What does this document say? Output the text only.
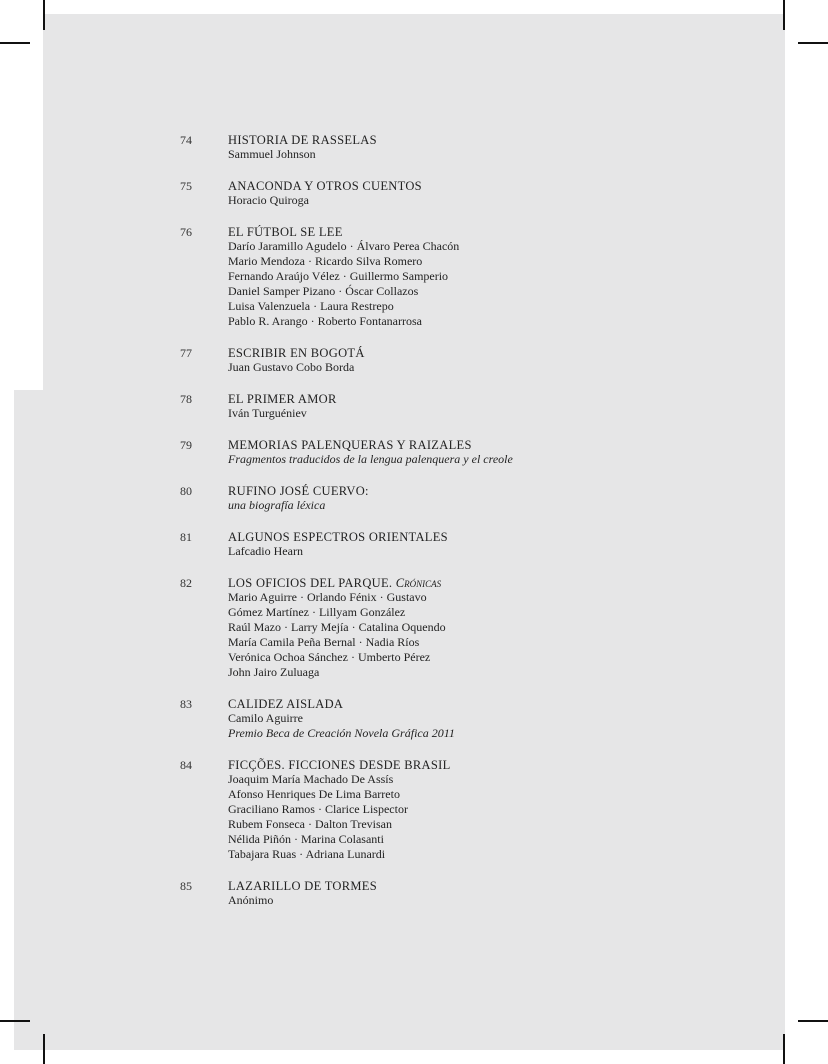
74	HISTORIA DE RASSELAS
Sammuel Johnson
75	ANACONDA Y OTROS CUENTOS
Horacio Quiroga
76	EL FÚTBOL SE LEE
Darío Jaramillo Agudelo · Álvaro Perea Chacón
Mario Mendoza · Ricardo Silva Romero
Fernando Araújo Vélez · Guillermo Samperio
Daniel Samper Pizano · Óscar Collazos
Luisa Valenzuela · Laura Restrepo
Pablo R. Arango · Roberto Fontanarrosa
77	ESCRIBIR EN BOGOTÁ
Juan Gustavo Cobo Borda
78	EL PRIMER AMOR
Iván Turguéniev
79	MEMORIAS PALENQUERAS Y RAIZALES
Fragmentos traducidos de la lengua palenquera y el creole
80	RUFINO JOSÉ CUERVO:
una biografía léxica
81	ALGUNOS ESPECTROS ORIENTALES
Lafcadio Hearn
82	LOS OFICIOS DEL PARQUE. Crónicas
Mario Aguirre · Orlando Fénix · Gustavo
Gómez Martínez · Lillyam González
Raúl Mazo · Larry Mejía · Catalina Oquendo
María Camila Peña Bernal · Nadia Ríos
Verónica Ochoa Sánchez · Umberto Pérez
John Jairo Zuluaga
83	CALIDEZ AISLADA
Camilo Aguirre
Premio Beca de Creación Novela Gráfica 2011
84	FICÇÕES. FICCIONES DESDE BRASIL
Joaquim María Machado De Assís
Afonso Henriques De Lima Barreto
Graciliano Ramos · Clarice Lispector
Rubem Fonseca · Dalton Trevisan
Nélida Piñón · Marina Colasanti
Tabajara Ruas · Adriana Lunardi
85	LAZARILLO DE TORMES
Anónimo
